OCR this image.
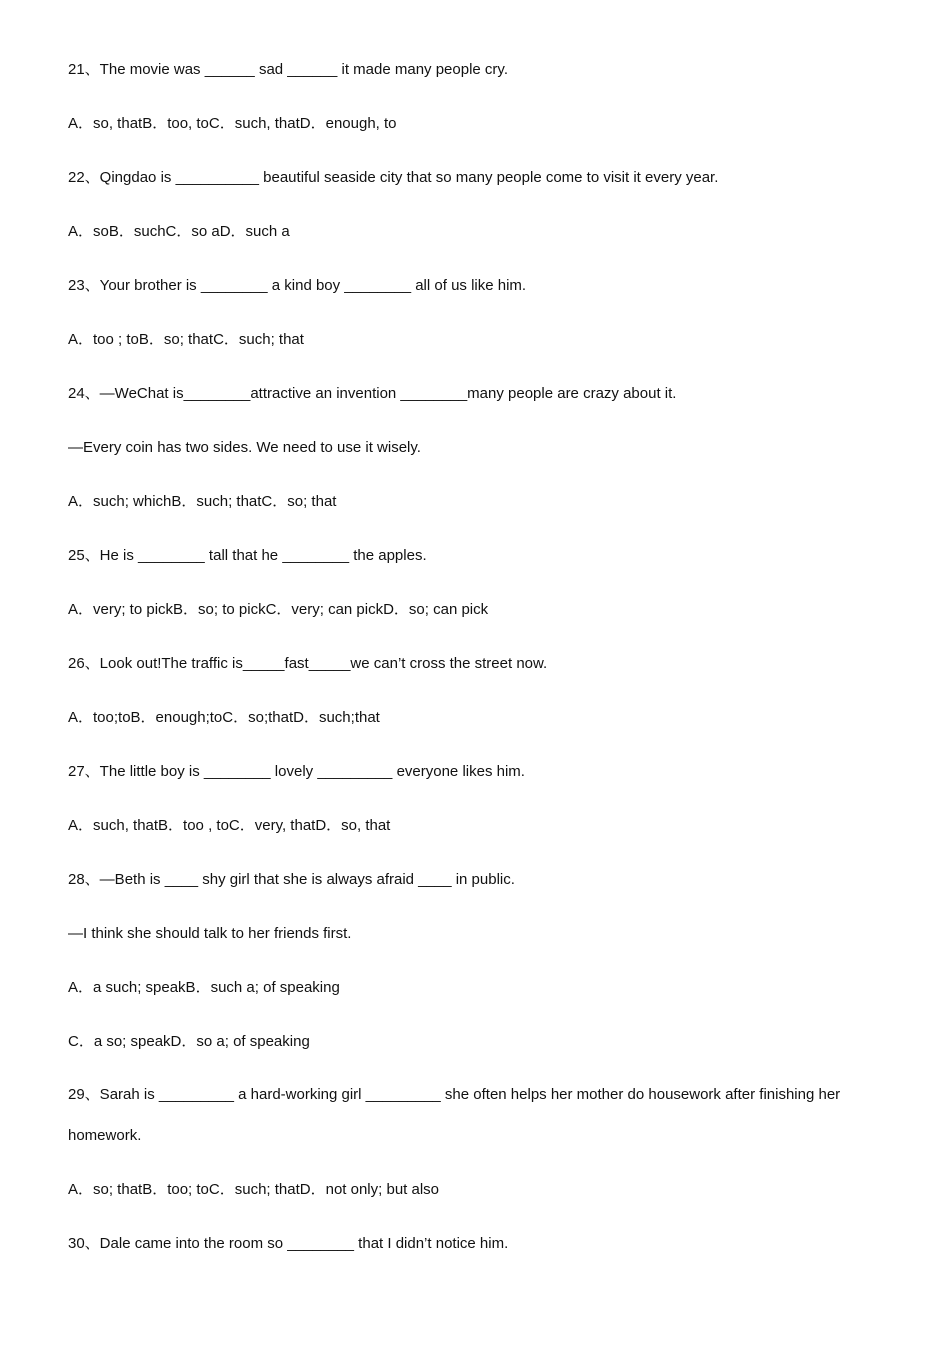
21、The movie was ______ sad ______ it made many people cry.
A．so, thatB．too, toC．such, thatD．enough, to
22、Qingdao is __________ beautiful seaside city that so many people come to visit it every year.
A．soB．suchC．so aD．such a
23、Your brother is ________ a kind boy ________ all of us like him.
A．too ; toB．so; thatC．such; that
24、—WeChat is________attractive an invention ________many people are crazy about it.
—Every coin has two sides. We need to use it wisely.
A．such; whichB．such; thatC．so; that
25、He is ________ tall that he ________ the apples.
A．very; to pickB．so; to pickC．very; can pickD．so; can pick
26、Look out!The traffic is_____fast_____we can’t cross the street now.
A．too;toB．enough;toC．so;thatD．such;that
27、The little boy is ________ lovely _________ everyone likes him.
A．such, thatB．too , toC．very, thatD．so, that
28、—Beth is ____ shy girl that she is always afraid ____ in public.
—I think she should talk to her friends first.
A．a such; speakB．such a; of speaking
C．a so; speakD．so a; of speaking
29、Sarah is _________ a hard-working girl _________ she often helps her mother do housework after finishing her homework.
A．so; thatB．too; toC．such; thatD．not only; but also
30、Dale came into the room so ________ that I didn’t notice him.
